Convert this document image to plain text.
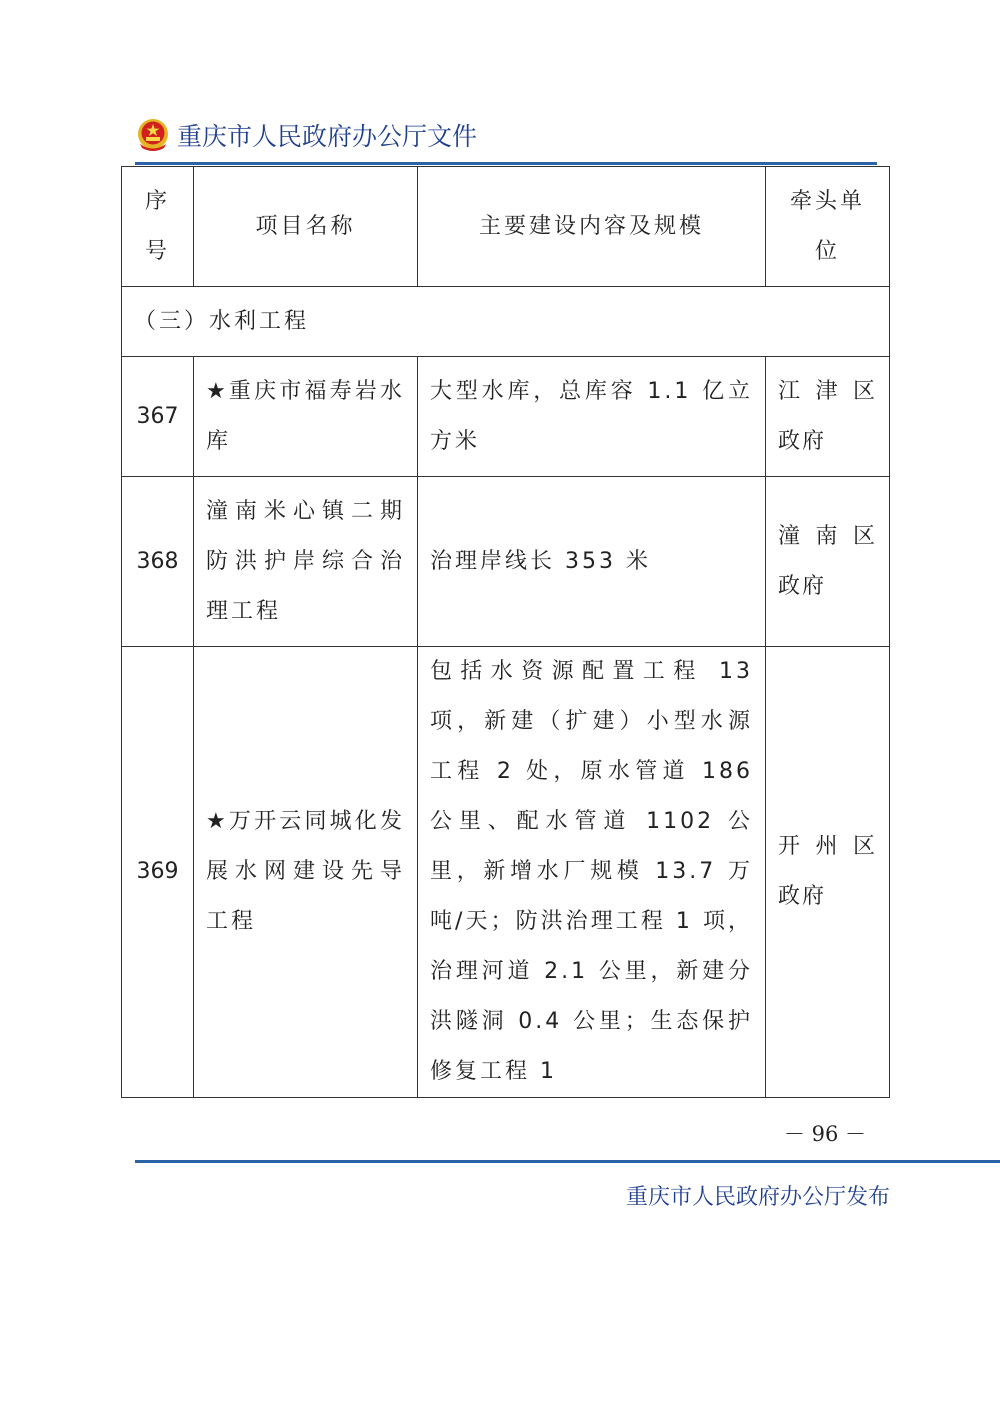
重庆市人民政府办公厅文件
序号	项目名称	主要建设内容及规模	牵头单
位

（三）水利工程			
367	★重庆市福寿岩水库	大型水库，总库容 1.1 亿立方米	江津区
政府

368	潼南米心镇二期防洪护岸综合治理工程	治理岸线长 353 米	潼南区
政府

369	★万开云同城化发展水网建设先导工程	包括水资源配置工程 13 项，新建（扩建）小型水源工程 2 处，原水管道 186 公里、配水管道 1102 公里，新增水厂规模 13.7 万吨/天；防洪治理工程 1 项，治理河道 2.1 公里，新建分洪隧洞 0.4 公里；生态保护修复工程 1	开州区
政府
－ 96 －
重庆市人民政府办公厅发布
